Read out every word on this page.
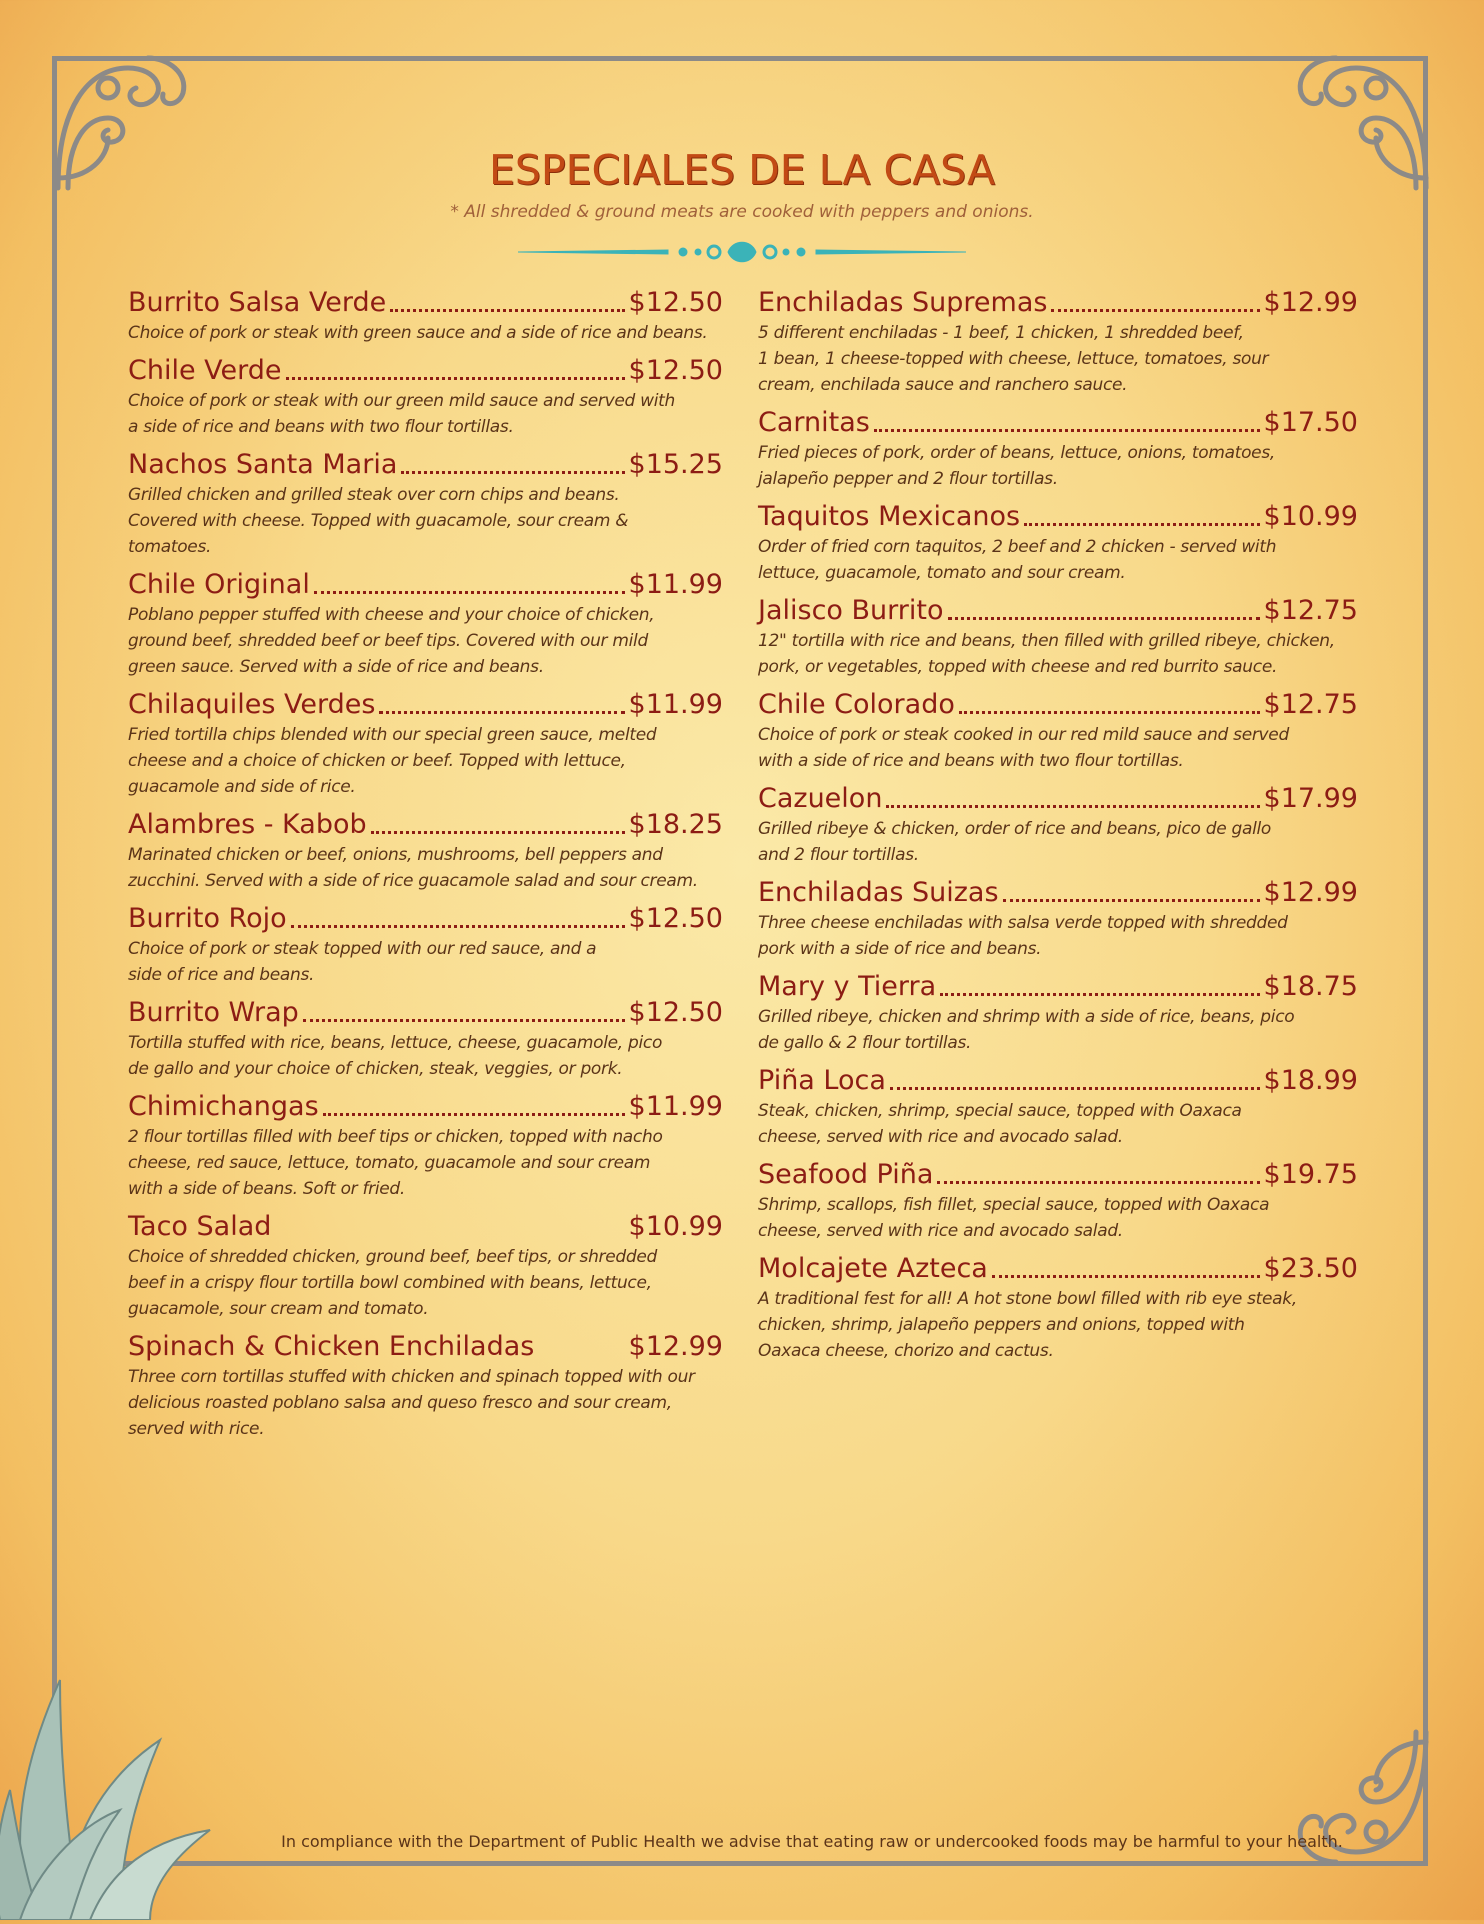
ESPECIALES DE LA CASA
* All shredded & ground meats are cooked with peppers and onions.
Burrito Salsa Verde	$12.50
Choice of pork or steak with green sauce and a side of rice and beans.
Chile Verde	$12.50
Choice of pork or steak with our green mild sauce and served with
a side of rice and beans with two flour tortillas.
Nachos Santa Maria	$15.25
Grilled chicken and grilled steak over corn chips and beans.
Covered with cheese. Topped with guacamole, sour cream &
tomatoes.
Chile Original	$11.99
Poblano pepper stuffed with cheese and your choice of chicken,
ground beef, shredded beef or beef tips. Covered with our mild
green sauce. Served with a side of rice and beans.
Chilaquiles Verdes	$11.99
Fried tortilla chips blended with our special green sauce, melted
cheese and a choice of chicken or beef. Topped with lettuce,
guacamole and side of rice.
Alambres - Kabob	$18.25
Marinated chicken or beef, onions, mushrooms, bell peppers and
zucchini. Served with a side of rice guacamole salad and sour cream.
Burrito Rojo	$12.50
Choice of pork or steak topped with our red sauce, and a
side of rice and beans.
Burrito Wrap	$12.50
Tortilla stuffed with rice, beans, lettuce, cheese, guacamole, pico
de gallo and your choice of chicken, steak, veggies, or pork.
Chimichangas	$11.99
2 flour tortillas filled with beef tips or chicken, topped with nacho
cheese, red sauce, lettuce, tomato, guacamole and sour cream
with a side of beans. Soft or fried.
Taco Salad	$10.99
Choice of shredded chicken, ground beef, beef tips, or shredded
beef in a crispy flour tortilla bowl combined with beans, lettuce,
guacamole, sour cream and tomato.
Spinach & Chicken Enchiladas	$12.99
Three corn tortillas stuffed with chicken and spinach topped with our
delicious roasted poblano salsa and queso fresco and sour cream,
served with rice.
Enchiladas Supremas	$12.99
5 different enchiladas - 1 beef, 1 chicken, 1 shredded beef,
1 bean, 1 cheese-topped with cheese, lettuce, tomatoes, sour
cream, enchilada sauce and ranchero sauce.
Carnitas	$17.50
Fried pieces of pork, order of beans, lettuce, onions, tomatoes,
jalapeño pepper and 2 flour tortillas.
Taquitos Mexicanos	$10.99
Order of fried corn taquitos, 2 beef and 2 chicken - served with
lettuce, guacamole, tomato and sour cream.
Jalisco Burrito	$12.75
12" tortilla with rice and beans, then filled with grilled ribeye, chicken,
pork, or vegetables, topped with cheese and red burrito sauce.
Chile Colorado	$12.75
Choice of pork or steak cooked in our red mild sauce and served
with a side of rice and beans with two flour tortillas.
Cazuelon	$17.99
Grilled ribeye & chicken, order of rice and beans, pico de gallo
and 2 flour tortillas.
Enchiladas Suizas	$12.99
Three cheese enchiladas with salsa verde topped with shredded
pork with a side of rice and beans.
Mary y Tierra	$18.75
Grilled ribeye, chicken and shrimp with a side of rice, beans, pico
de gallo & 2 flour tortillas.
Piña Loca	$18.99
Steak, chicken, shrimp, special sauce, topped with Oaxaca
cheese, served with rice and avocado salad.
Seafood Piña	$19.75
Shrimp, scallops, fish fillet, special sauce, topped with Oaxaca
cheese, served with rice and avocado salad.
Molcajete Azteca	$23.50
A traditional fest for all! A hot stone bowl filled with rib eye steak,
chicken, shrimp, jalapeño peppers and onions, topped with
Oaxaca cheese, chorizo and cactus.
In compliance with the Department of Public Health we advise that eating raw or undercooked foods may be harmful to your health.
